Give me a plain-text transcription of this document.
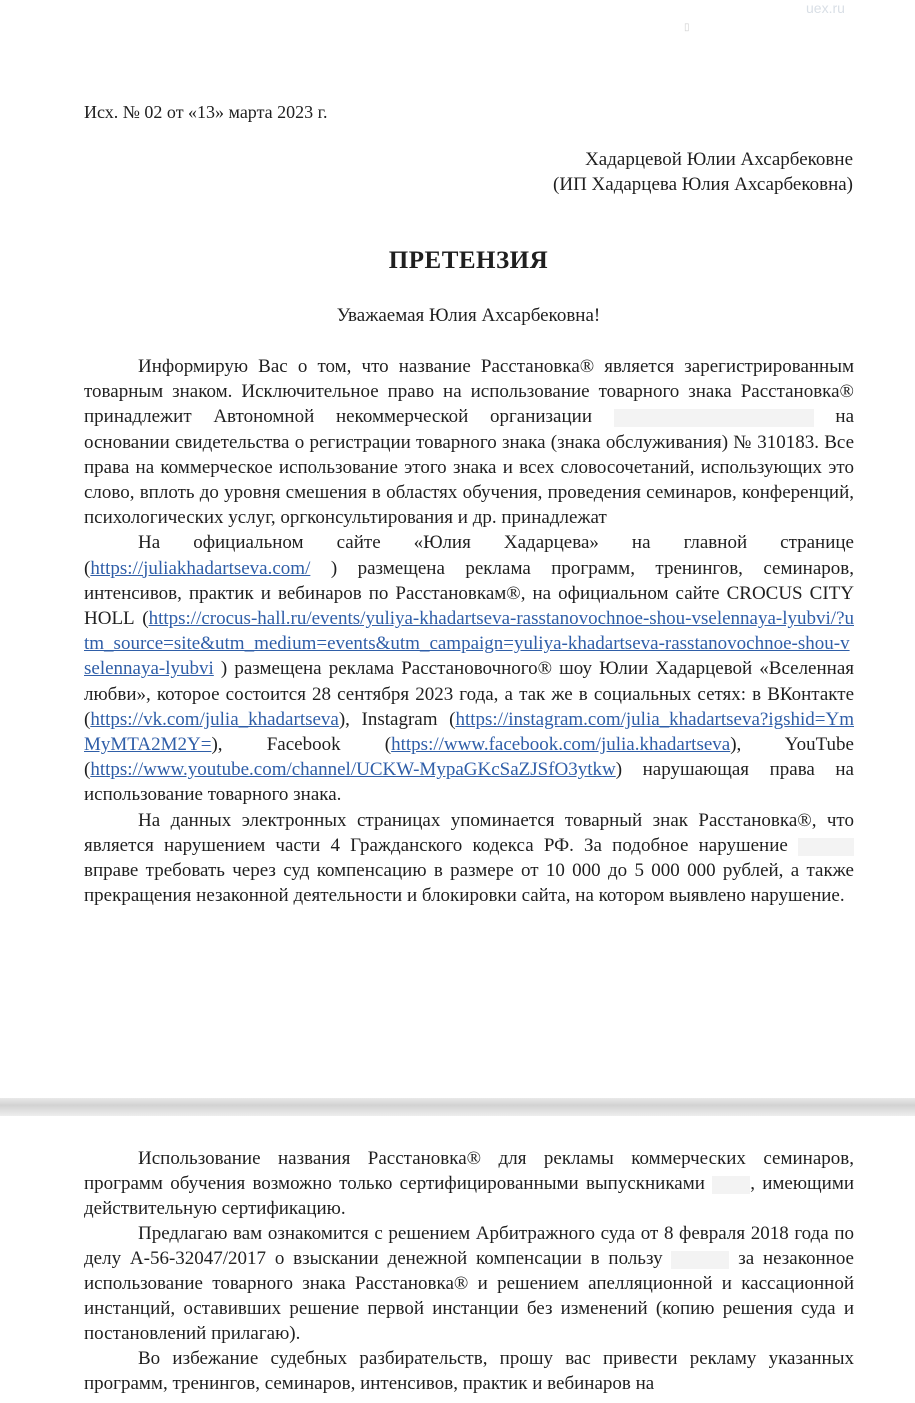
uex.ru
▯
Исх. № 02 от «13» марта 2023 г.
Хадарцевой Юлии Ахсарбековне
(ИП Хадарцева Юлия Ахсарбековна)
ПРЕТЕНЗИЯ
Уважаемая Юлия Ахсарбековна!

Информирую Вас о том, что название Расстановка® является зарегистрированным товарным знаком. Исключительное право на использование товарного знака Расстановка® принадлежит Автономной некоммерческой организации	на основании свидетельства о регистрации товарного знака (знака обслуживания) № 310183. Все права на коммерческое использование этого знака и всех словосочетаний, использующих это слово, вплоть до уровня смешения в областях обучения, проведения семинаров, конференций, психологических услуг, оргконсультирования и др. принадлежат

На официальном сайте «Юлия Хадарцева» на главной странице (https://juliakhadartseva.com/ ) размещена реклама программ, тренингов, семинаров, интенсивов, практик и вебинаров по Расстановкам®, на официальном сайте CROCUS CITY HOLL (https://crocus-hall.ru/events/yuliya-khadartseva-rasstanovochnoe-shou-vselennaya-lyubvi/?utm_source=site&utm_medium=events&utm_campaign=yuliya-khadartseva-rasstanovochnoe-shou-vselennaya-lyubvi ) размещена реклама Расстановочного® шоу Юлии Хадарцевой «Вселенная любви», которое состоится 28 сентября 2023 года, а так же в социальных сетях: в ВКонтакте (https://vk.com/julia_khadartseva), Instagram (https://instagram.com/julia_khadartseva?igshid=YmMyMTA2M2Y=), Facebook (https://www.facebook.com/julia.khadartseva), YouTube (https://www.youtube.com/channel/UCKW-MypaGKcSaZJSfO3ytkw) нарушающая права на использование товарного знака.

На данных электронных страницах упоминается товарный знак Расстановка®, что является нарушением части 4 Гражданского кодекса РФ. За подобное нарушение  вправе требовать через суд компенсацию в размере от 10 000 до 5 000 000 рублей, а также прекращения незаконной деятельности и блокировки сайта, на котором выявлено нарушение.

Использование названия Расстановка® для рекламы коммерческих семинаров, программ обучения возможно только сертифицированными выпускниками , имеющими действительную сертификацию.

Предлагаю вам ознакомится с решением Арбитражного суда от 8 февраля 2018 года по делу А-56-32047/2017 о взыскании денежной компенсации в пользу	за незаконное использование товарного знака Расстановка® и решением апелляционной и кассационной инстанций, оставивших решение первой инстанции без изменений (копию решения суда и постановлений прилагаю).

Во избежание судебных разбирательств, прошу вас привести рекламу указанных программ, тренингов, семинаров, интенсивов, практик и вебинаров на
